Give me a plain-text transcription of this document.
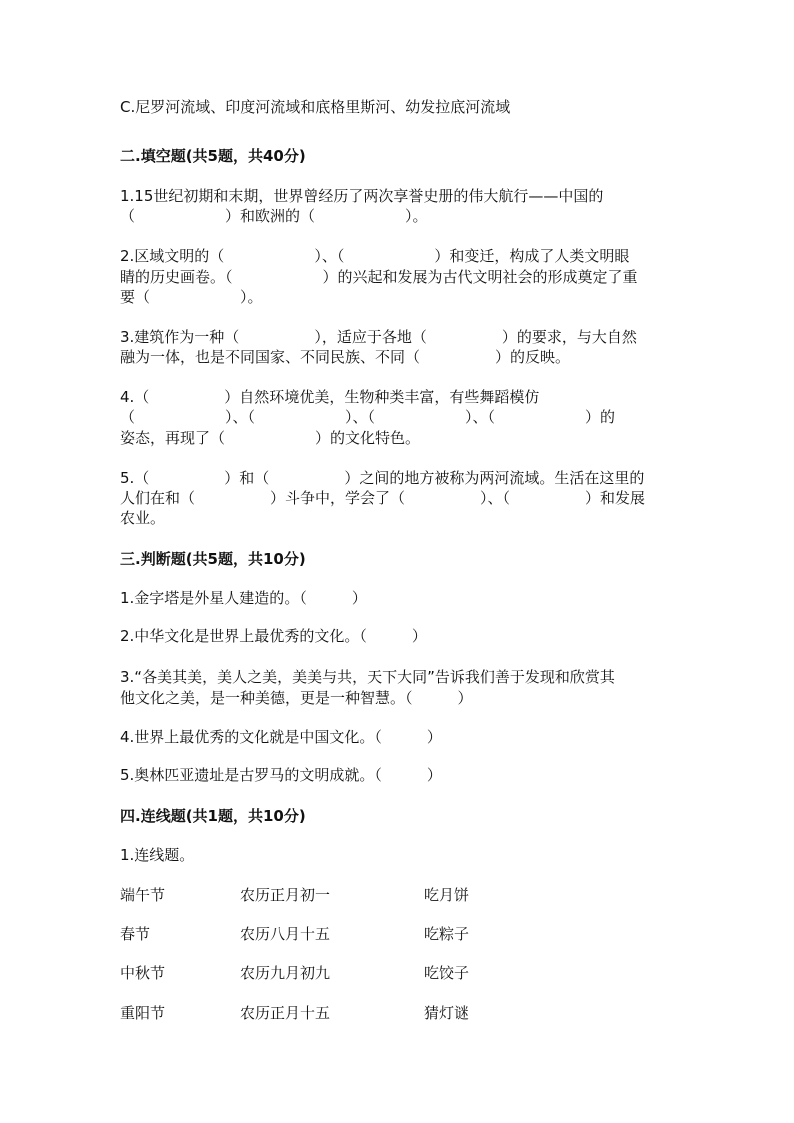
C.尼罗河流域、印度河流域和底格里斯河、幼发拉底河流域
二.填空题(共5题，共40分)
1.15世纪初期和末期，世界曾经历了两次享誉史册的伟大航行——中国的
（　　　　　　）和欧洲的（　　　　　　）。
2.区域文明的（　　　　　　）、（　　　　　　）和变迁，构成了人类文明眼
睛的历史画卷。（　　　　　　）的兴起和发展为古代文明社会的形成奠定了重
要（　　　　　　）。
3.建筑作为一种（　　　　　），适应于各地（　　　　　）的要求，与大自然
融为一体，也是不同国家、不同民族、不同（　　　　　）的反映。
4.（　　　　　）自然环境优美，生物种类丰富，有些舞蹈模仿
（　　　　　　）、（　　　　　　）、（　　　　　　）、（　　　　　　）的
姿态，再现了（　　　　　　）的文化特色。
5.（　　　　　）和（　　　　　）之间的地方被称为两河流域。生活在这里的
人们在和（　　　　　）斗争中，学会了（　　　　　）、（　　　　　）和发展
农业。
三.判断题(共5题，共10分)
1.金字塔是外星人建造的。（　　　）
2.中华文化是世界上最优秀的文化。（　　　）
3.“各美其美，美人之美，美美与共，天下大同”告诉我们善于发现和欣赏其
他文化之美，是一种美德，更是一种智慧。（　　　）
4.世界上最优秀的文化就是中国文化。（　　　）
5.奥林匹亚遗址是古罗马的文明成就。（　　　）
四.连线题(共1题，共10分)
1.连线题。
端午节	农历正月初一	吃月饼
春节	农历八月十五	吃粽子
中秋节	农历九月初九	吃饺子
重阳节	农历正月十五	猜灯谜
